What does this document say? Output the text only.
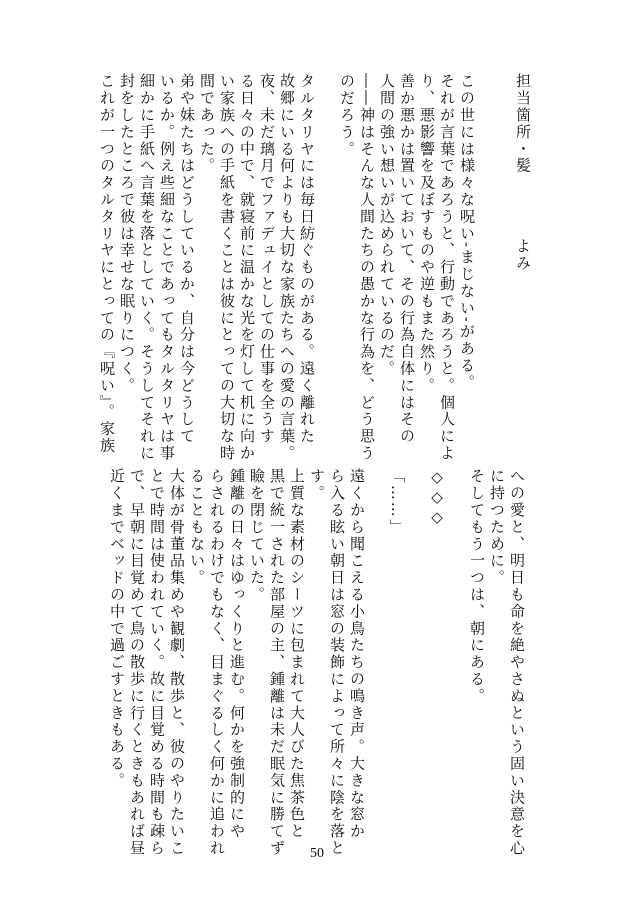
担当箇所・髪
よみ
この世には様々な呪い‐まじない‐がある。
それが言葉であろうと、行動であろうと。個人によ
り、悪影響を及ぼすものや逆もまた然り。
善か悪かは置いておいて、その行為自体にはその
人間の強い想いが込められているのだ。
――神はそんな人間たちの愚かな行為を、どう思う
のだろう。
タルタリヤには毎日紡ぐものがある。遠く離れた
故郷にいる何よりも大切な家族たちへの愛の言葉。
夜、未だ璃月でファデュイとしての仕事を全うす
る日々の中で、就寝前に温かな光を灯して机に向か
い家族への手紙を書くことは彼にとっての大切な時
間であった。
弟や妹たちはどうしているか、自分は今どうして
いるか。例え些細なことであってもタルタリヤは事
細かに手紙へ言葉を落としていく。そうしてそれに
封をしたところで彼は幸せな眠りにつく。
これが一つのタルタリヤにとっての『呪い』。家族
への愛と、明日も命を絶やさぬという固い決意を心
に持つために。
そしてもう一つは、朝にある。
◇◇◇
「……」
遠くから聞こえる小鳥たちの鳴き声。大きな窓か
ら入る眩い朝日は窓の装飾によって所々に陰を落と
す。
上質な素材のシーツに包まれて大人びた焦茶色と
黒で統一された部屋の主、鍾離は未だ眠気に勝てず
瞼を閉じていた。
鍾離の日々はゆっくりと進む。何かを強制的にや
らされるわけでもなく、目まぐるしく何かに追われ
ることもない。
大体が骨董品集めや観劇、散歩と、彼のやりたいこ
とで時間は使われていく。故に目覚める時間も疎ら
で、早朝に目覚めて鳥の散歩に行くときもあれば昼
近くまでベッドの中で過ごすときもある。
50
